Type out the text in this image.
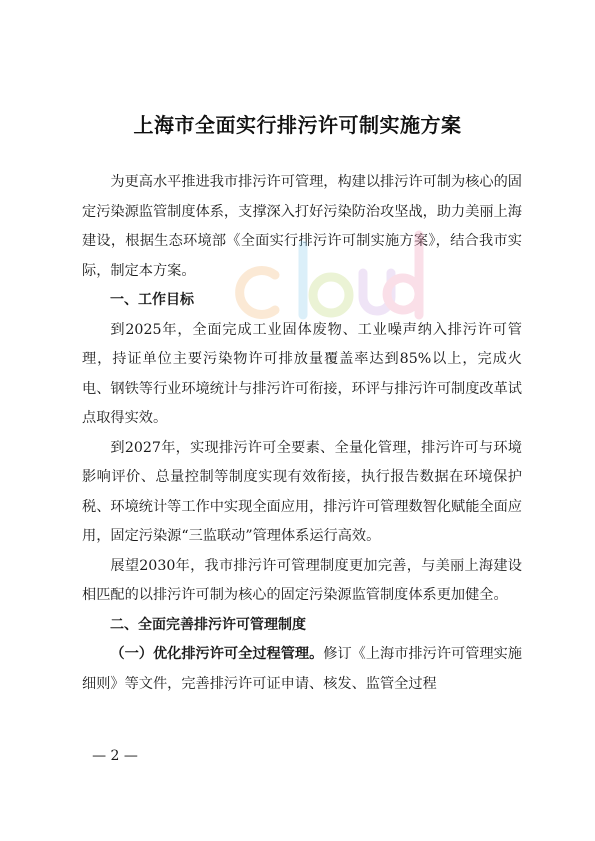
上海市全面实行排污许可制实施方案

为更高水平推进我市排污许可管理，构建以排污许可制为核心的固定污染源监管制度体系，支撑深入打好污染防治攻坚战，助力美丽上海建设，根据生态环境部《全面实行排污许可制实施方案》，结合我市实际，制定本方案。

一、工作目标

到2025年，全面完成工业固体废物、工业噪声纳入排污许可管理，持证单位主要污染物许可排放量覆盖率达到85%以上，完成火电、钢铁等行业环境统计与排污许可衔接，环评与排污许可制度改革试点取得实效。

到2027年，实现排污许可全要素、全量化管理，排污许可与环境影响评价、总量控制等制度实现有效衔接，执行报告数据在环境保护税、环境统计等工作中实现全面应用，排污许可管理数智化赋能全面应用，固定污染源“三监联动”管理体系运行高效。

展望2030年，我市排污许可管理制度更加完善，与美丽上海建设相匹配的以排污许可制为核心的固定污染源监管制度体系更加健全。

二、全面完善排污许可管理制度

（一）优化排污许可全过程管理。修订《上海市排污许可管理实施细则》等文件，完善排污许可证申请、核发、监管全过程

— 2 —
